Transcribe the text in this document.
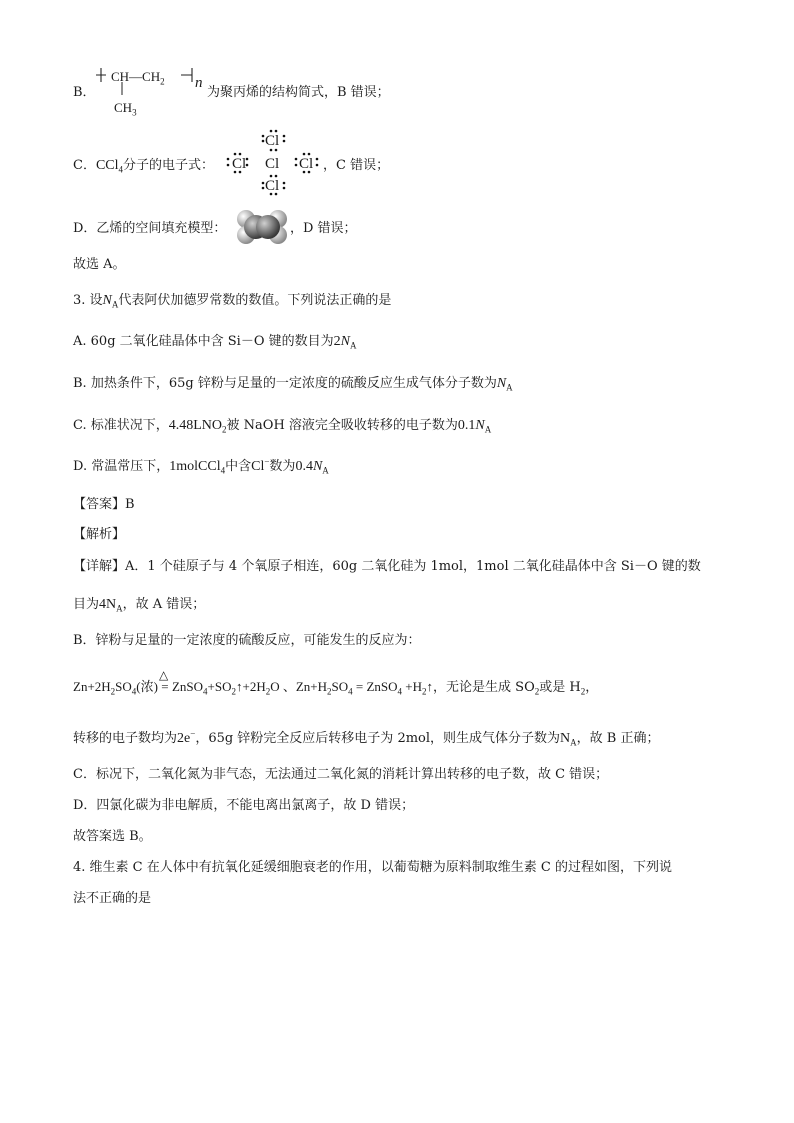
B．
$CH—CH_2$ n
$CH_3$
为聚丙烯的结构简式，B 错误；
C．CCl$_4$分子的电子式：
Cl
Cl Cl Cl
Cl
，C 错误；
D．乙烯的空间填充模型：	，D 错误；
故选 A。
3. 设$N_A$代表阿伏加德罗常数的数值。下列说法正确的是
A. 60g 二氧化硅晶体中含 Si－O 键的数目为$2N_A$
B. 加热条件下，65g 锌粉与足量的一定浓度的硫酸反应生成气体分子数为$N_A$
C. 标准状况下，$4.48LNO_2$被 NaOH 溶液完全吸收转移的电子数为$0.1N_A$
D. 常温常压下，1molCCl$_4$中含Cl−数为$0.4N_A$
【答案】B
【解析】
【详解】A．1 个硅原子与 4 个氧原子相连，60g 二氧化硅为 1mol，1mol 二氧化硅晶体中含 Si－O 键的数
目为$4N_A$，故 A 错误；
B．锌粉与足量的一定浓度的硫酸反应，可能发生的反应为：
$Zn+2H_2SO_4$(浓)
△
= $ZnSO_4+SO_2↑+2H_2O$ 、$Zn+H_2SO_4$ = ZnSO$_4$ $+H_2↑$，无论是生成 $SO_2$或是 $H_2$，
转移的电子数均为2e−，65g 锌粉完全反应后转移电子为 2mol，则生成气体分子数为$N_A$，故 B 正确；
C．标况下，二氧化氮为非气态，无法通过二氧化氮的消耗计算出转移的电子数，故 C 错误；
D．四氯化碳为非电解质，不能电离出氯离子，故 D 错误；
故答案选 B。
4. 维生素 C 在人体中有抗氧化延缓细胞衰老的作用，以葡萄糖为原料制取维生素 C 的过程如图，下列说
法不正确的是
